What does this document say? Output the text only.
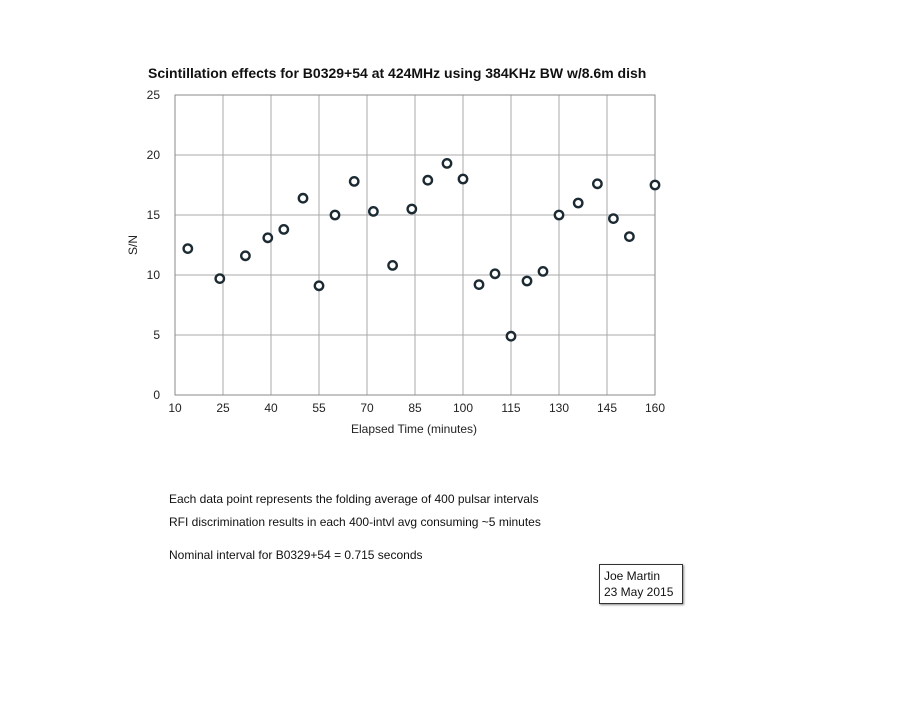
Scintillation effects for B0329+54 at 424MHz using 384KHz BW w/8.6m dish
0
5
10
15
20
25
10	25	40	55	70	85	100 115 130 145 160
Elapsed Time (minutes)
S/N

Each data point represents the folding average of 400 pulsar intervals

RFI discrimination results in each 400-intvl avg consuming ~5 minutes

Nominal interval for B0329+54 = 0.715 seconds

Joe Martin
23 May 2015
